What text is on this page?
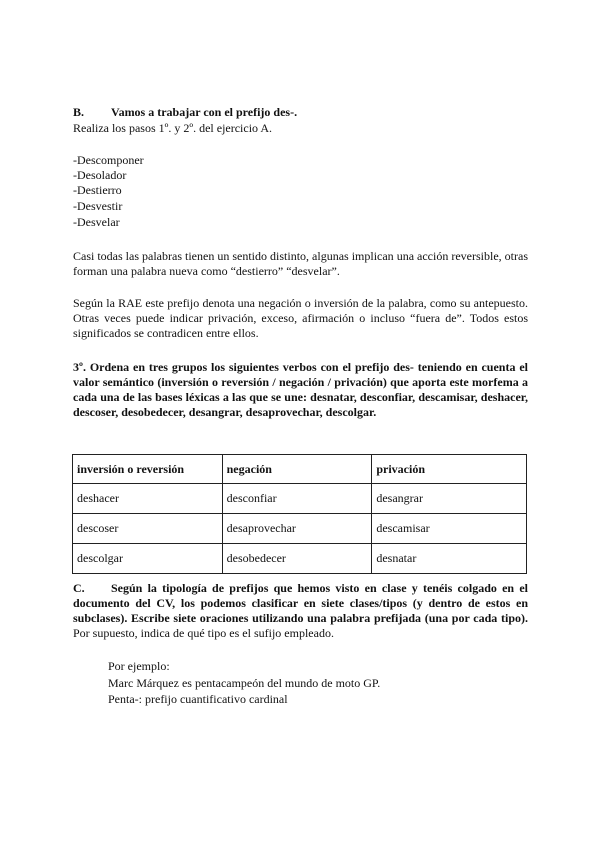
B. Vamos a trabajar con el prefijo des-.
Realiza los pasos 1º. y 2º. del ejercicio A.
-Descomponer
-Desolador
-Destierro
-Desvestir
-Desvelar
Casi todas las palabras tienen un sentido distinto, algunas implican una acción reversible, otras forman una palabra nueva como “destierro” “desvelar”.
Según la RAE este prefijo denota una negación o inversión de la palabra, como su antepuesto. Otras veces puede indicar privación, exceso, afirmación o incluso “fuera de”. Todos estos significados se contradicen entre ellos.
3º. Ordena en tres grupos los siguientes verbos con el prefijo des- teniendo en cuenta el valor semántico (inversión o reversión / negación / privación) que aporta este morfema a cada una de las bases léxicas a las que se une: desnatar, desconfiar, descamisar, deshacer, descoser, desobedecer, desangrar, desaprovechar, descolgar.
inversión o reversión	negación	privación
deshacer	desconfiar	desangrar
descoser	desaprovechar	descamisar
descolgar	desobedecer	desnatar
C. Según la tipología de prefijos que hemos visto en clase y tenéis colgado en el documento del CV, los podemos clasificar en siete clases/tipos (y dentro de estos en subclases). Escribe siete oraciones utilizando una palabra prefijada (una por cada tipo). Por supuesto, indica de qué tipo es el sufijo empleado.
Por ejemplo:
Marc Márquez es pentacampeón del mundo de moto GP.
Penta-: prefijo cuantificativo cardinal
